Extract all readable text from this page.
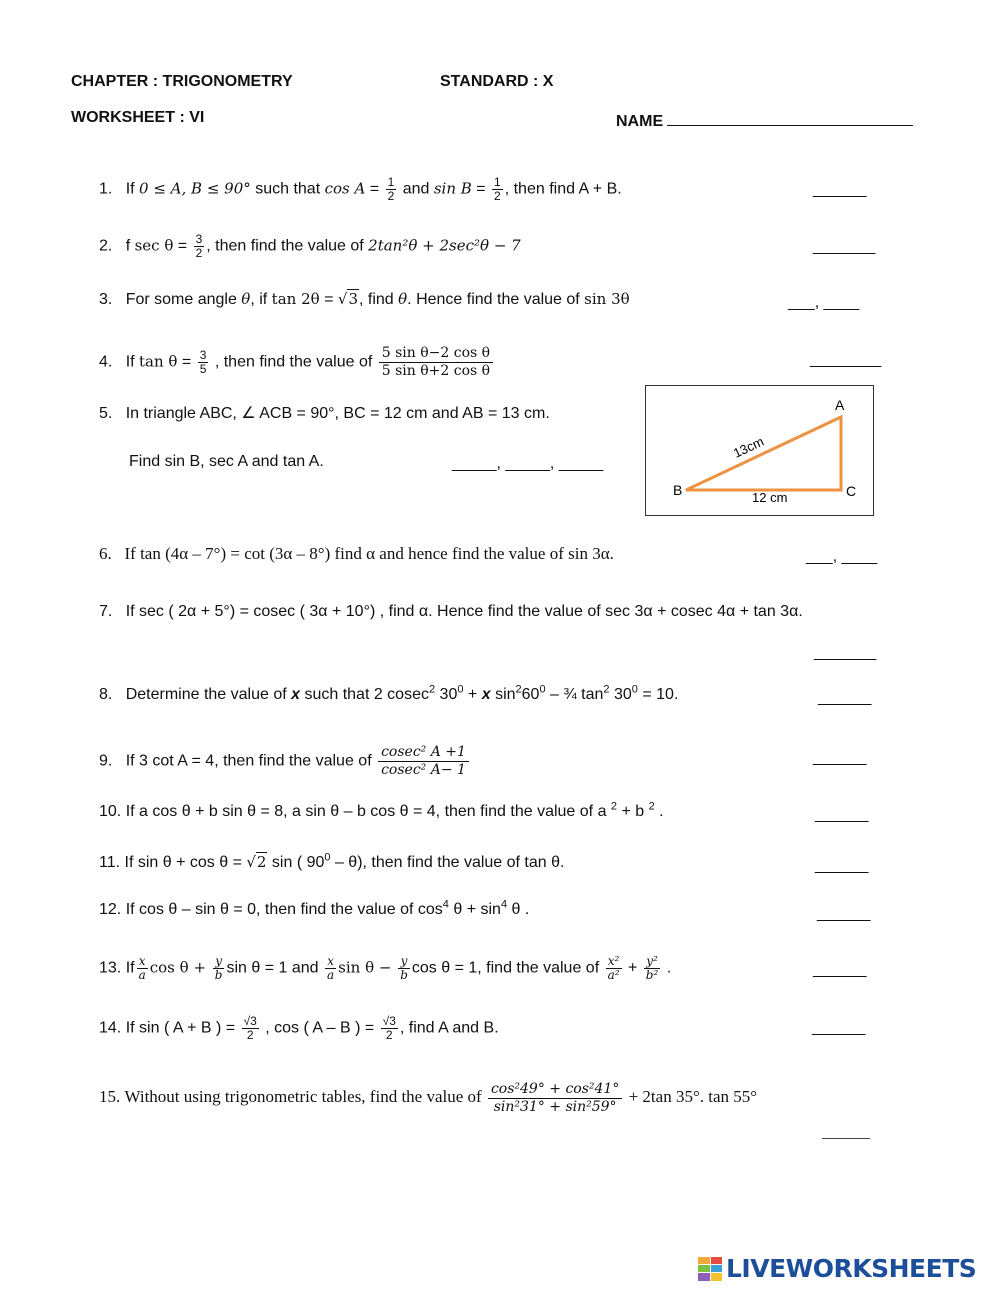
CHAPTER : TRIGONOMETRY	STANDARD : X
WORKSHEET : VI	NAME
1. If 0 ≤ A, B ≤ 90° such that $\cos A = \frac{1}{2}$ and $\sin B = \frac{1}{2}$ , then find A + B.	______
2. f $\sec \theta = \frac{3}{2}$ , then find the value of 2tan²θ + 2sec²θ − 7	_______
3. For some angle θ, if tan 2θ = √3, find θ. Hence find the value of sin 3θ	___, ____
4. If $\tan \theta = \frac{3}{5}$ , then find the value of $\frac{\text{5 sin θ−2 cos θ}}{\text{5 sin θ+2 cos θ}}$	________
5. In triangle ABC, ∠ ACB = 90°, BC = 12 cm and AB = 13 cm.
Find sin B, sec A and tan A.	_____, _____, _____
A
B	C
13cm
12 cm
6. If tan (4α – 7°) = cot (3α – 8°) find α and hence find the value of sin 3α.	___, ____
7. If sec ( 2α + 5°) = cosec ( 3α + 10°) , find α. Hence find the value of sec 3α + cosec 4α + tan 3α.
_______
8. Determine the value of x such that 2 cosec$^2$ $30^0 + x$ $\sin^260^0$ – ¾ $\tan^2 30^0 = 10$.	______
9. If 3 cot A = 4, then find the value of $\frac{\text{cosec² A +1}}{\text{cosec² A− 1}}$	______
10. If a cos θ + b sin θ = 8, a sin θ – b cos θ = 4, then find the value of a $^2$ + b $^2$ .	______
11. If sin θ + cos θ = √2 sin ( $90^0 - \theta$), then find the value of tan θ.	______
12. If cos θ – sin θ = 0, then find the value of $\cos^4 \theta + \sin^4 \theta$ .	______
13. If $\frac{x}{a}$ $\cos \theta + \frac{y}{b}$ sin θ = 1 and $\frac{x}{a}$ $\sin \theta - \frac{y}{b}$ cos θ = 1, find the value of $\frac{\text{x²}}{\text{a²}} + \frac{\text{y²}}{\text{b²}}$ .	______
14. If sin ( A + B ) = $\frac{√3}{2}$ , cos ( A – B ) = $\frac{√3}{2}$ , find A and B.	______
15. Without using trigonometric tables, find the value of $\frac{\text{cos²49° + cos²41°}}{\text{sin²31° + sin²59°}} + 2\tan$ 35°. tan 55°
______
LIVEWORKSHEETS
